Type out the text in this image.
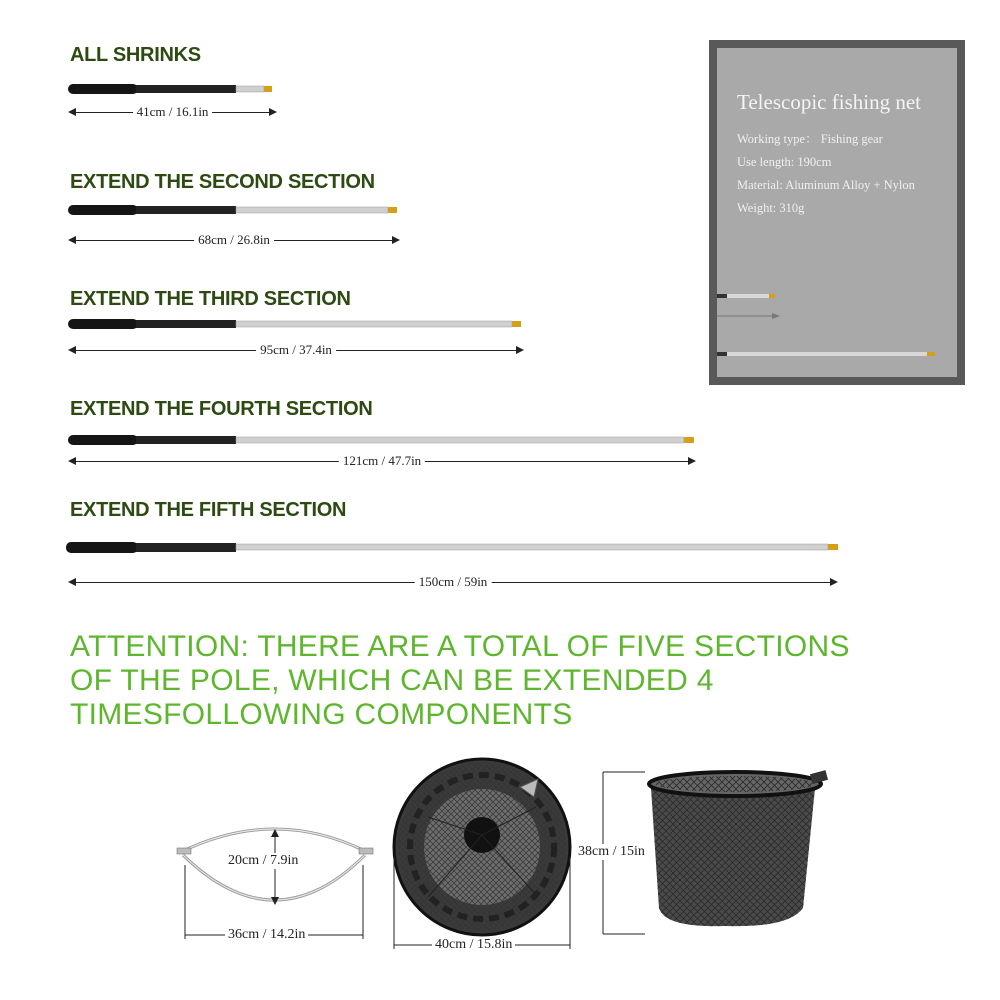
ALL SHRINKS
41cm / 16.1in
EXTEND THE SECOND SECTION
68cm / 26.8in
EXTEND THE THIRD SECTION
95cm / 37.4in
EXTEND THE FOURTH SECTION
121cm / 47.7in
EXTEND THE FIFTH SECTION
150cm / 59in

Telescopic fishing net

Working type： Fishing gear

Use length: 190cm

Material: Aluminum Alloy + Nylon

Weight: 310g

ATTENTION: THERE ARE A TOTAL OF FIVE SECTIONS OF THE POLE, WHICH CAN BE EXTENDED 4 TIMESFOLLOWING COMPONENTS

20cm / 7.9in
36cm / 14.2in
40cm / 15.8in
38cm / 15in
